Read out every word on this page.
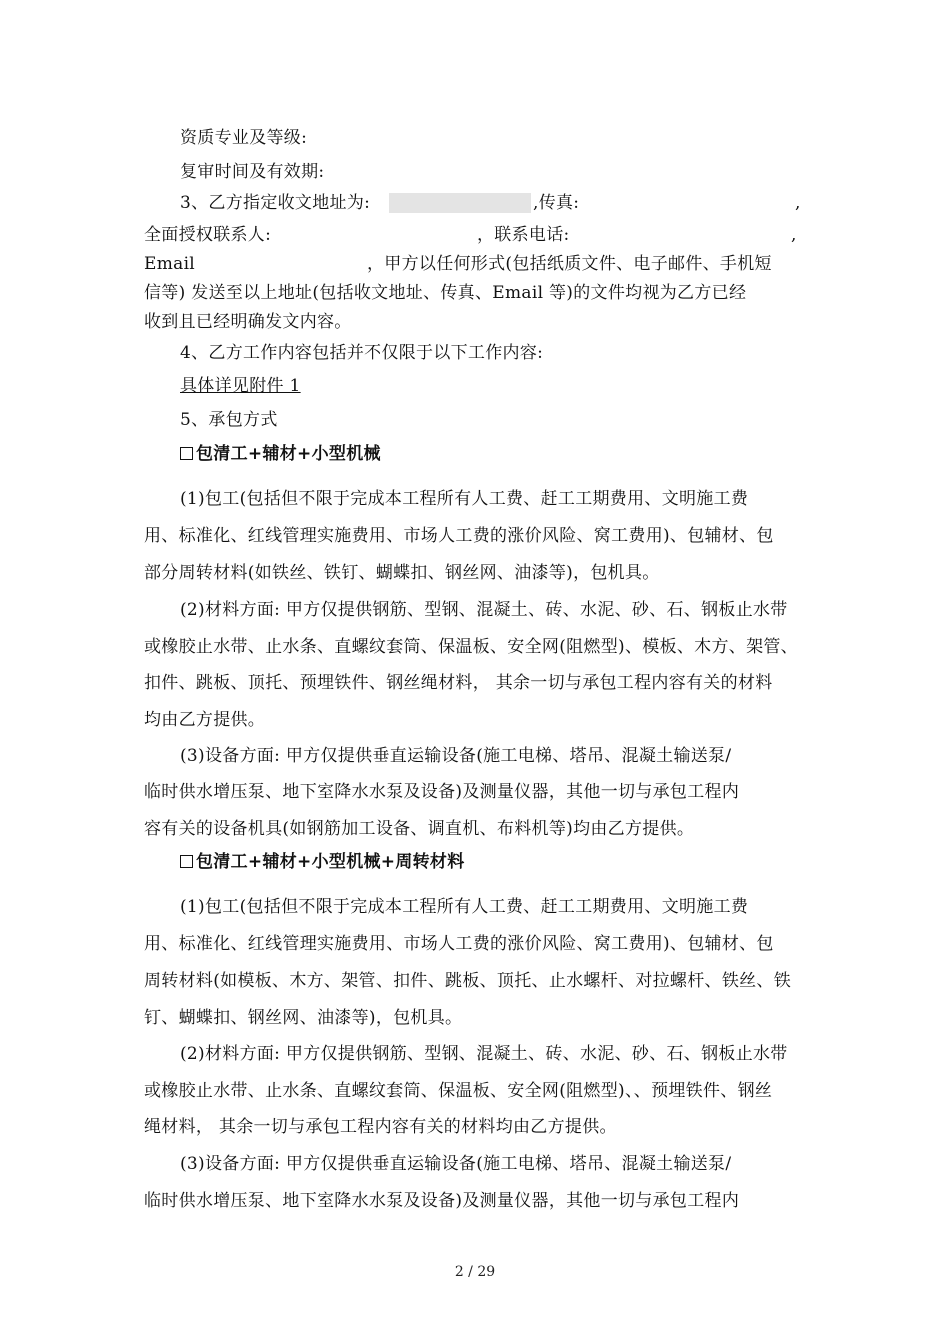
资质专业及等级:
复审时间及有效期:
3、乙方指定收文地址为:	,传真:	,
全面授权联系人:	，联系电话:	,
Email	，甲方以任何形式(包括纸质文件、电子邮件、手机短
信等) 发送至以上地址(包括收文地址、传真、Email 等)的文件均视为乙方已经
收到且已经明确发文内容。
4、乙方工作内容包括并不仅限于以下工作内容:
具体详见附件 1
5、承包方式
包清工+辅材+小型机械
(1)包工(包括但不限于完成本工程所有人工费、赶工工期费用、文明施工费
用、标准化、红线管理实施费用、市场人工费的涨价风险、窝工费用)、包辅材、包
部分周转材料(如铁丝、铁钉、蝴蝶扣、钢丝网、油漆等)，包机具。
(2)材料方面: 甲方仅提供钢筋、型钢、混凝土、砖、水泥、砂、石、钢板止水带
或橡胶止水带、止水条、直螺纹套筒、保温板、安全网(阻燃型)、模板、木方、架管、
扣件、跳板、顶托、预埋铁件、钢丝绳材料， 其余一切与承包工程内容有关的材料
均由乙方提供。
(3)设备方面: 甲方仅提供垂直运输设备(施工电梯、塔吊、混凝土输送泵/
临时供水增压泵、地下室降水水泵及设备)及测量仪器，其他一切与承包工程内
容有关的设备机具(如钢筋加工设备、调直机、布料机等)均由乙方提供。
包清工+辅材+小型机械+周转材料
(1)包工(包括但不限于完成本工程所有人工费、赶工工期费用、文明施工费
用、标准化、红线管理实施费用、市场人工费的涨价风险、窝工费用)、包辅材、包
周转材料(如模板、木方、架管、扣件、跳板、顶托、止水螺杆、对拉螺杆、铁丝、铁
钉、蝴蝶扣、钢丝网、油漆等)，包机具。
(2)材料方面: 甲方仅提供钢筋、型钢、混凝土、砖、水泥、砂、石、钢板止水带
或橡胶止水带、止水条、直螺纹套筒、保温板、安全网(阻燃型)、、预埋铁件、钢丝
绳材料， 其余一切与承包工程内容有关的材料均由乙方提供。
(3)设备方面: 甲方仅提供垂直运输设备(施工电梯、塔吊、混凝土输送泵/
临时供水增压泵、地下室降水水泵及设备)及测量仪器，其他一切与承包工程内
2 / 29
